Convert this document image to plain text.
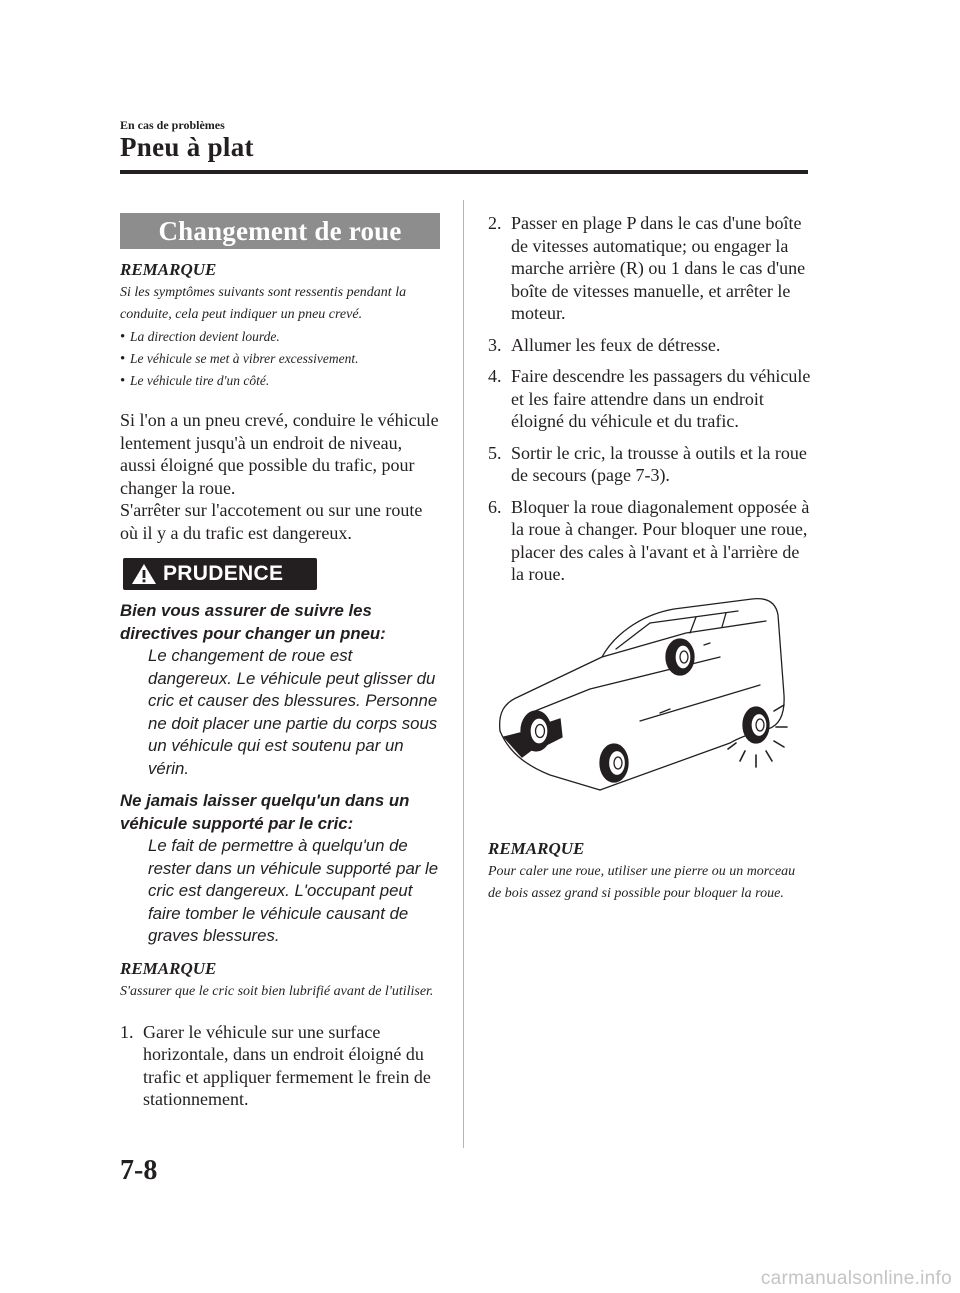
En cas de problèmes
Pneu à plat
Changement de roue
REMARQUE
Si les symptômes suivants sont ressentis pendant la conduite, cela peut indiquer un pneu crevé.
• La direction devient lourde.
• Le véhicule se met à vibrer excessivement.
• Le véhicule tire d'un côté.
Si l'on a un pneu crevé, conduire le véhicule lentement jusqu'à un endroit de niveau, aussi éloigné que possible du trafic, pour changer la roue.
S'arrêter sur l'accotement ou sur une route où il y a du trafic est dangereux.
PRUDENCE
Bien vous assurer de suivre les directives pour changer un pneu:
Le changement de roue est dangereux. Le véhicule peut glisser du cric et causer des blessures. Personne ne doit placer une partie du corps sous un véhicule qui est soutenu par un vérin.
Ne jamais laisser quelqu'un dans un véhicule supporté par le cric:
Le fait de permettre à quelqu'un de rester dans un véhicule supporté par le cric est dangereux. L'occupant peut faire tomber le véhicule causant de graves blessures.
REMARQUE
S'assurer que le cric soit bien lubrifié avant de l'utiliser.
1. Garer le véhicule sur une surface horizontale, dans un endroit éloigné du trafic et appliquer fermement le frein de stationnement.
2. Passer en plage P dans le cas d'une boîte de vitesses automatique; ou engager la marche arrière (R) ou 1 dans le cas d'une boîte de vitesses manuelle, et arrêter le moteur.
3. Allumer les feux de détresse.
4. Faire descendre les passagers du véhicule et les faire attendre dans un endroit éloigné du véhicule et du trafic.
5. Sortir le cric, la trousse à outils et la roue de secours (page 7-3).
6. Bloquer la roue diagonalement opposée à la roue à changer. Pour bloquer une roue, placer des cales à l'avant et à l'arrière de la roue.
REMARQUE
Pour caler une roue, utiliser une pierre ou un morceau de bois assez grand si possible pour bloquer la roue.
7-8
carmanualsonline.info
